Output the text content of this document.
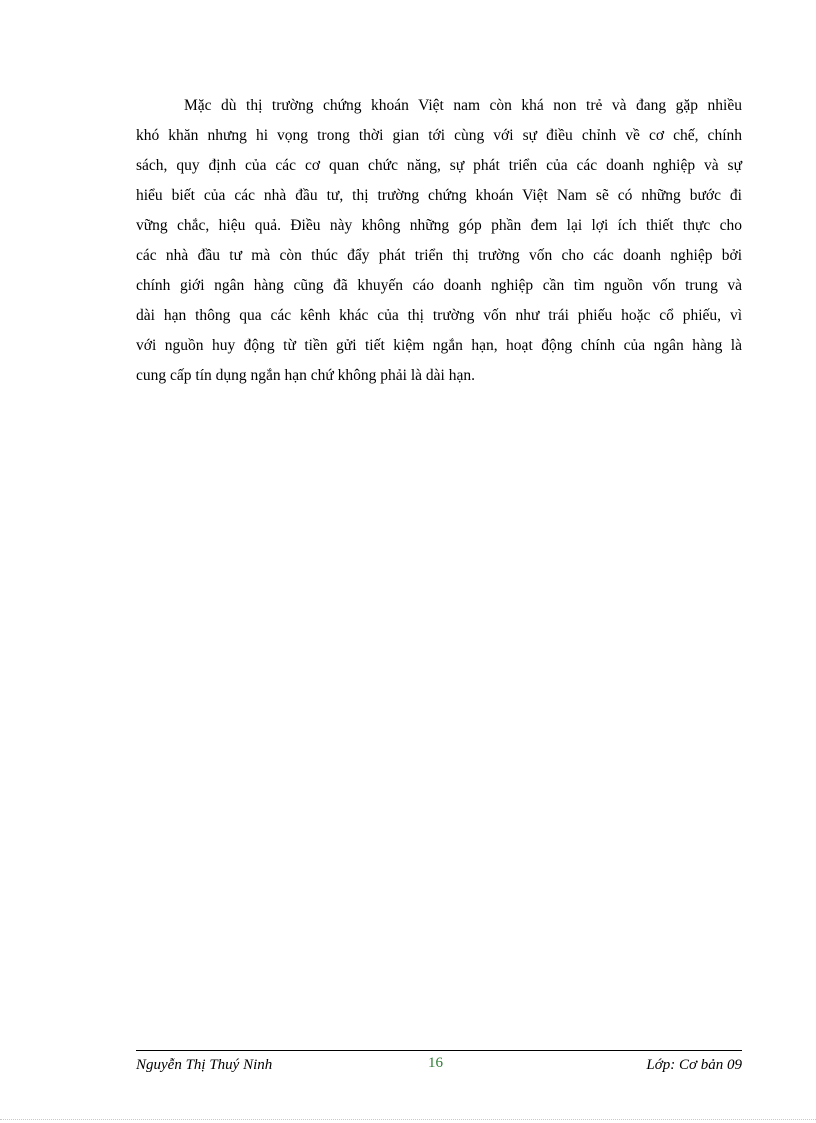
Mặc dù thị trường chứng khoán Việt nam còn khá non trẻ và đang gặp nhiều
khó khăn nhưng hi vọng trong thời gian tới cùng với sự điều chỉnh về cơ chế, chính
sách, quy định của các cơ quan chức năng, sự phát triển của các doanh nghiệp và sự
hiểu biết của các nhà đầu tư, thị trường chứng khoán Việt Nam sẽ có những bước đi
vững chắc, hiệu quả. Điều này không những góp phần đem lại lợi ích thiết thực cho
các nhà đầu tư mà còn thúc đẩy phát triển thị trường vốn cho các doanh nghiệp bởi
chính giới ngân hàng cũng đã khuyến cáo doanh nghiệp cần tìm nguồn vốn trung và
dài hạn thông qua các kênh khác của thị trường vốn như trái phiếu hoặc cổ phiếu, vì
với nguồn huy động từ tiền gửi tiết kiệm ngắn hạn, hoạt động chính của ngân hàng là
cung cấp tín dụng ngắn hạn chứ không phải là dài hạn.
Nguyễn Thị Thuý Ninh	16	Lớp: Cơ bản 09
